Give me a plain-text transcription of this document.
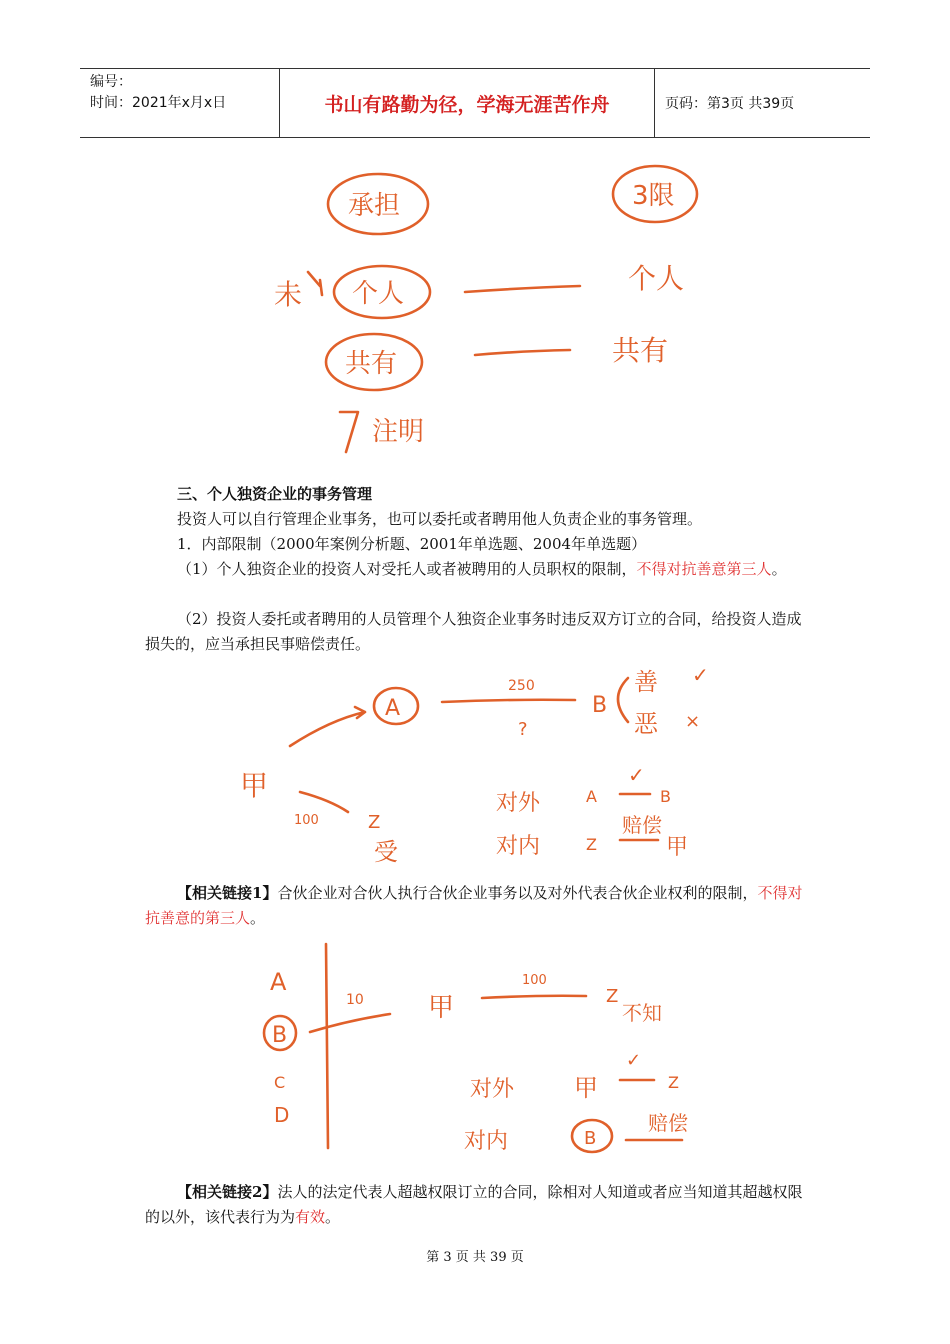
编号：
时间：2021年x月x日	书山有路勤为径，学海无涯苦作舟	页码：第3页 共39页
承担	3限
未 个人	个人
共有	共有
注明
三、个人独资企业的事务管理
投资人可以自行管理企业事务，也可以委托或者聘用他人负责企业的事务管理。
1．内部限制（2000年案例分析题、2001年单选题、2004年单选题）
（1）个人独资企业的投资人对受托人或者被聘用的人员职权的限制，不得对抗善意第三人。
（2）投资人委托或者聘用的人员管理个人独资企业事务时违反双方订立的合同，给投资人造成损失的，应当承担民事赔偿责任。
A
250
?
B
善
恶
✓
×
甲
100	Z
受
对外
对内
A
✓
B
Z
赔偿
甲
【相关链接1】合伙企业对合伙人执行合伙企业事务以及对外代表合伙企业权利的限制，不得对抗善意的第三人。
A
B
C
D
10 甲
100
Z
不知
对外
对内
甲
✓
Z
B
赔偿
【相关链接2】法人的法定代表人超越权限订立的合同，除相对人知道或者应当知道其超越权限的以外，该代表行为为有效。
第 3 页 共 39 页
